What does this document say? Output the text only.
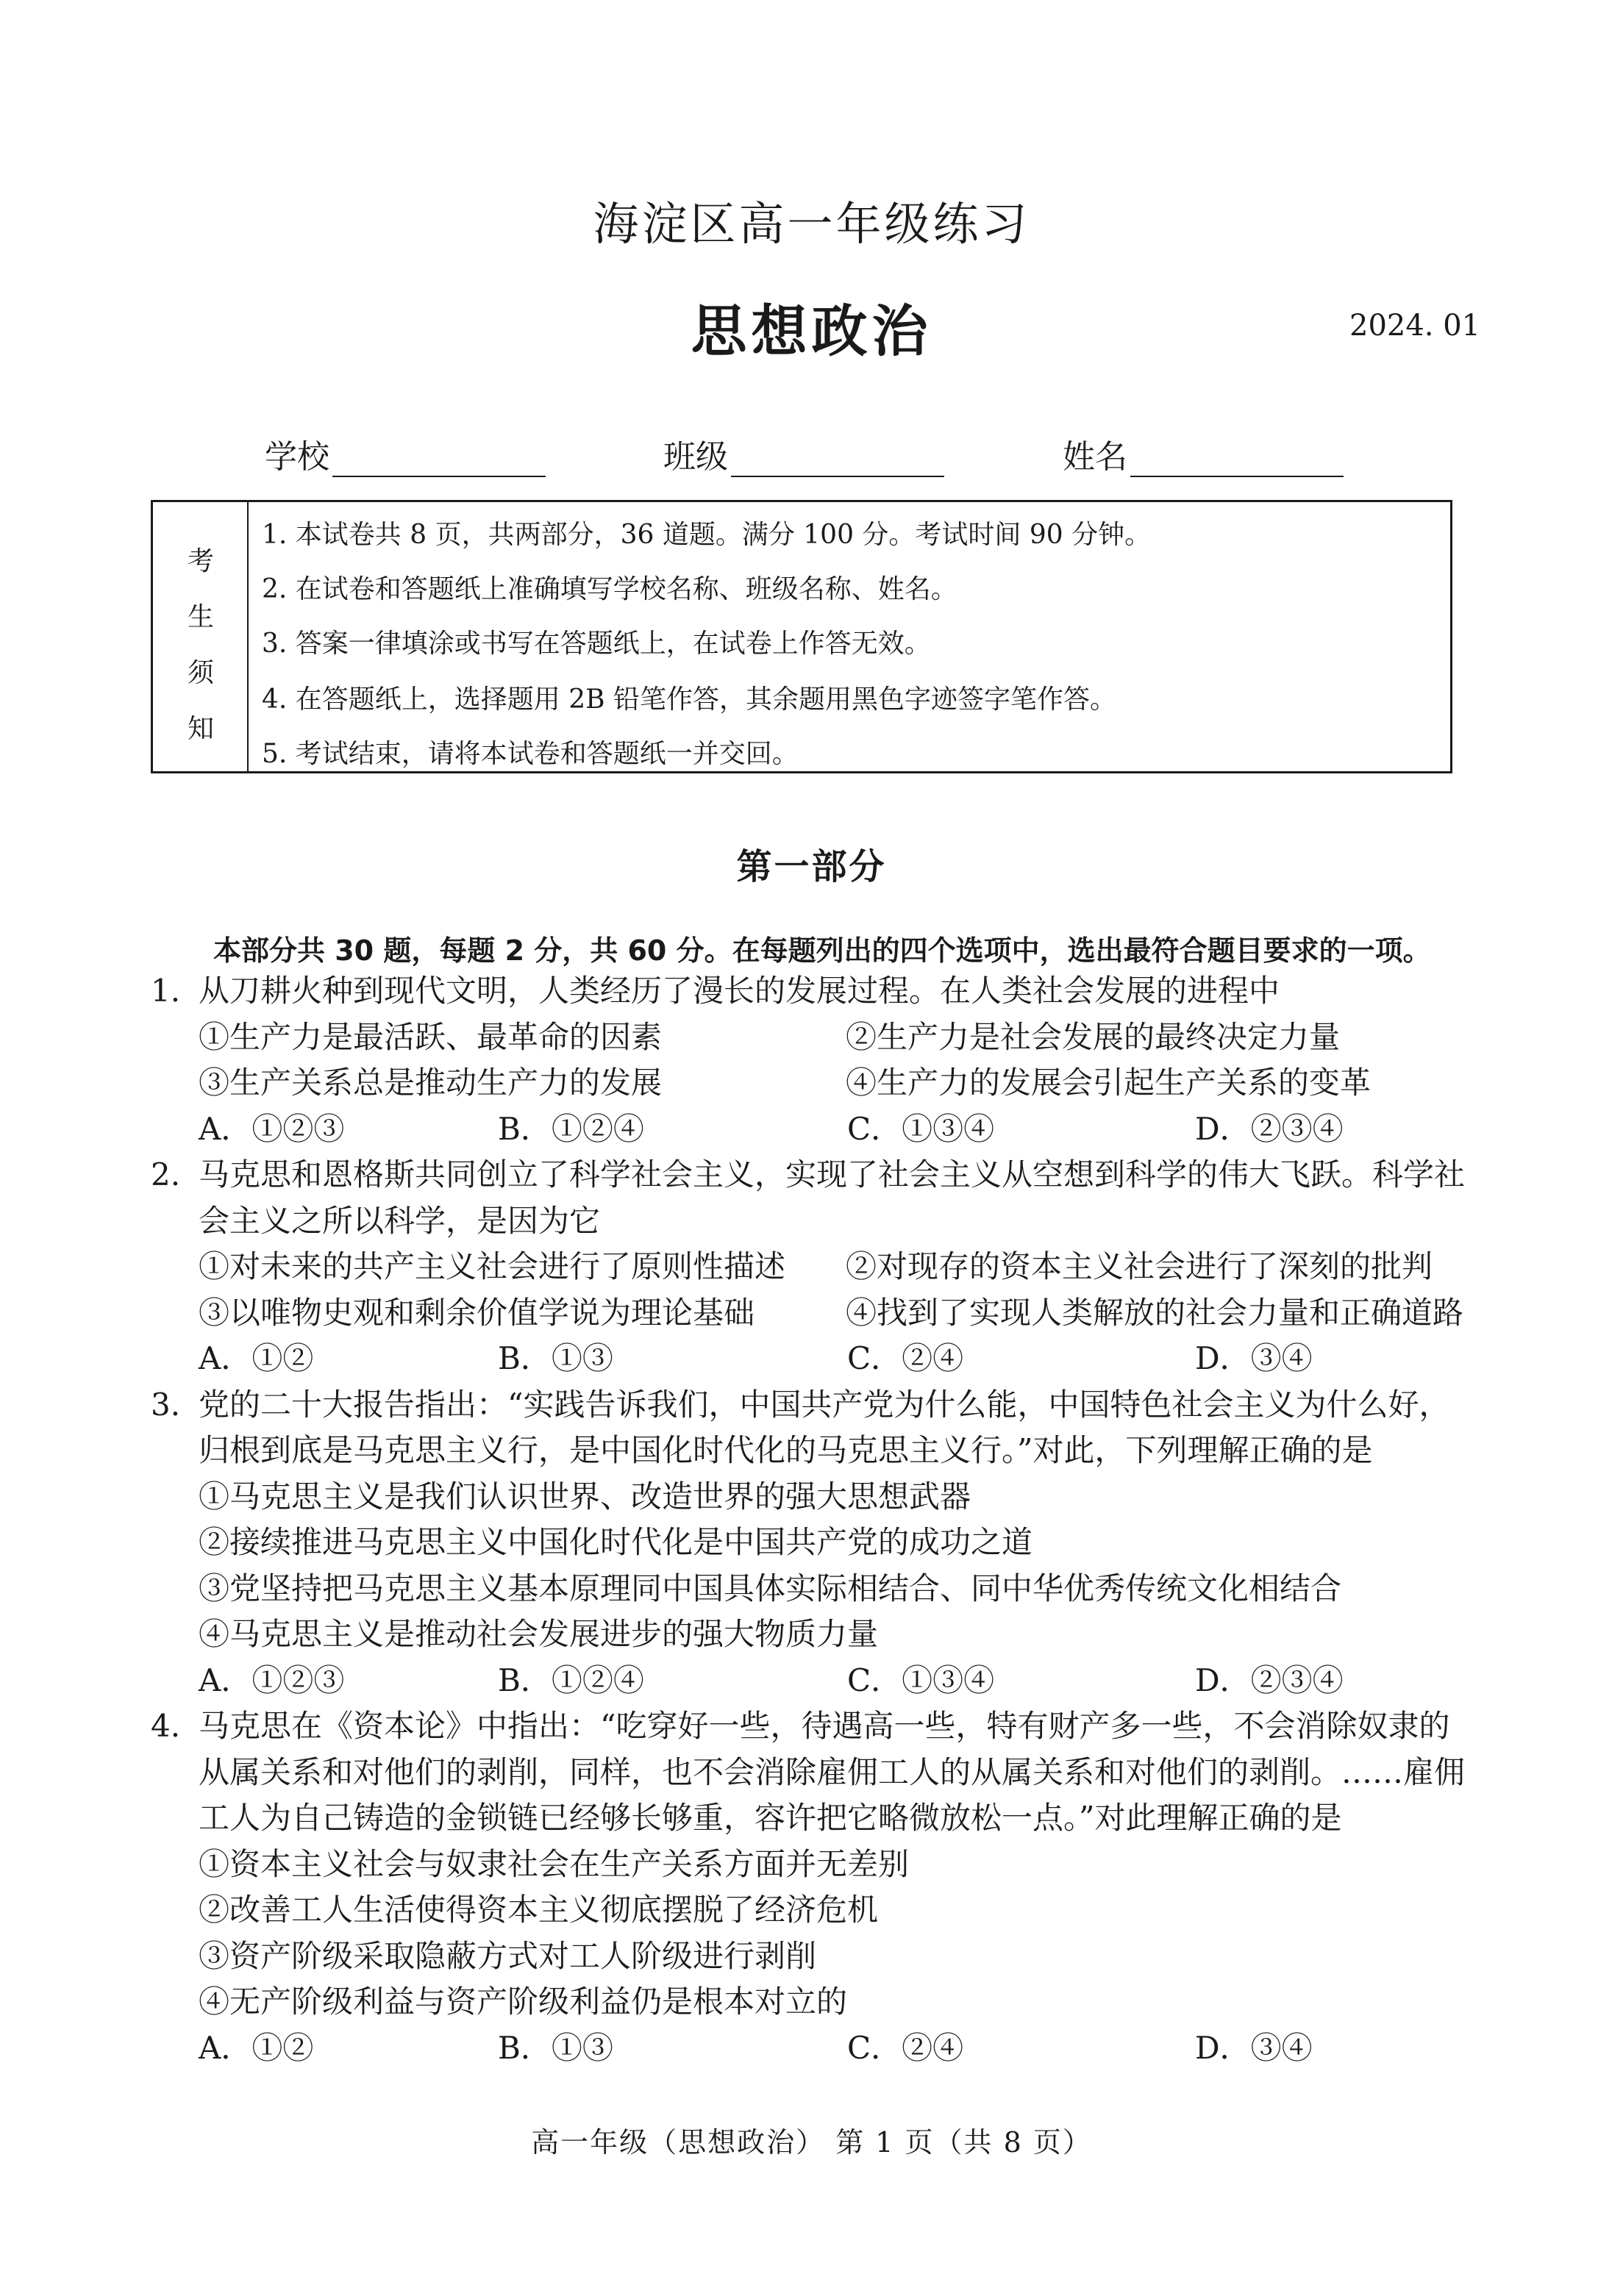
海淀区高一年级练习
思想政治	2024. 01
学校	班级	姓名
考
生
须
知
1. 本试卷共 8 页，共两部分，36 道题。满分 100 分。考试时间 90 分钟。
2. 在试卷和答题纸上准确填写学校名称、班级名称、姓名。
3. 答案一律填涂或书写在答题纸上，在试卷上作答无效。
4. 在答题纸上，选择题用 2B 铅笔作答，其余题用黑色字迹签字笔作答。
5. 考试结束，请将本试卷和答题纸一并交回。
第一部分
本部分共 30 题，每题 2 分，共 60 分。在每题列出的四个选项中，选出最符合题目要求的一项。
1. 从刀耕火种到现代文明，人类经历了漫长的发展过程。在人类社会发展的进程中
①生产力是最活跃、最革命的因素	②生产力是社会发展的最终决定力量
③生产关系总是推动生产力的发展	④生产力的发展会引起生产关系的变革
A．①②③	B．①②④	C．①③④	D．②③④
2. 马克思和恩格斯共同创立了科学社会主义，实现了社会主义从空想到科学的伟大飞跃。科学社
会主义之所以科学，是因为它
①对未来的共产主义社会进行了原则性描述 ②对现存的资本主义社会进行了深刻的批判
③以唯物史观和剩余价值学说为理论基础	④找到了实现人类解放的社会力量和正确道路
A．①②	B．①③	C．②④	D．③④
3. 党的二十大报告指出：“实践告诉我们，中国共产党为什么能，中国特色社会主义为什么好，
归根到底是马克思主义行，是中国化时代化的马克思主义行。”对此，下列理解正确的是
①马克思主义是我们认识世界、改造世界的强大思想武器
②接续推进马克思主义中国化时代化是中国共产党的成功之道
③党坚持把马克思主义基本原理同中国具体实际相结合、同中华优秀传统文化相结合
④马克思主义是推动社会发展进步的强大物质力量
A．①②③	B．①②④	C．①③④	D．②③④
4. 马克思在《资本论》中指出：“吃穿好一些，待遇高一些，特有财产多一些，不会消除奴隶的
从属关系和对他们的剥削，同样，也不会消除雇佣工人的从属关系和对他们的剥削。……雇佣
工人为自己铸造的金锁链已经够长够重，容许把它略微放松一点。”对此理解正确的是
①资本主义社会与奴隶社会在生产关系方面并无差别
②改善工人生活使得资本主义彻底摆脱了经济危机
③资产阶级采取隐蔽方式对工人阶级进行剥削
④无产阶级利益与资产阶级利益仍是根本对立的
A．①②	B．①③	C．②④	D．③④
高一年级（思想政治） 第 1 页（共 8 页）
